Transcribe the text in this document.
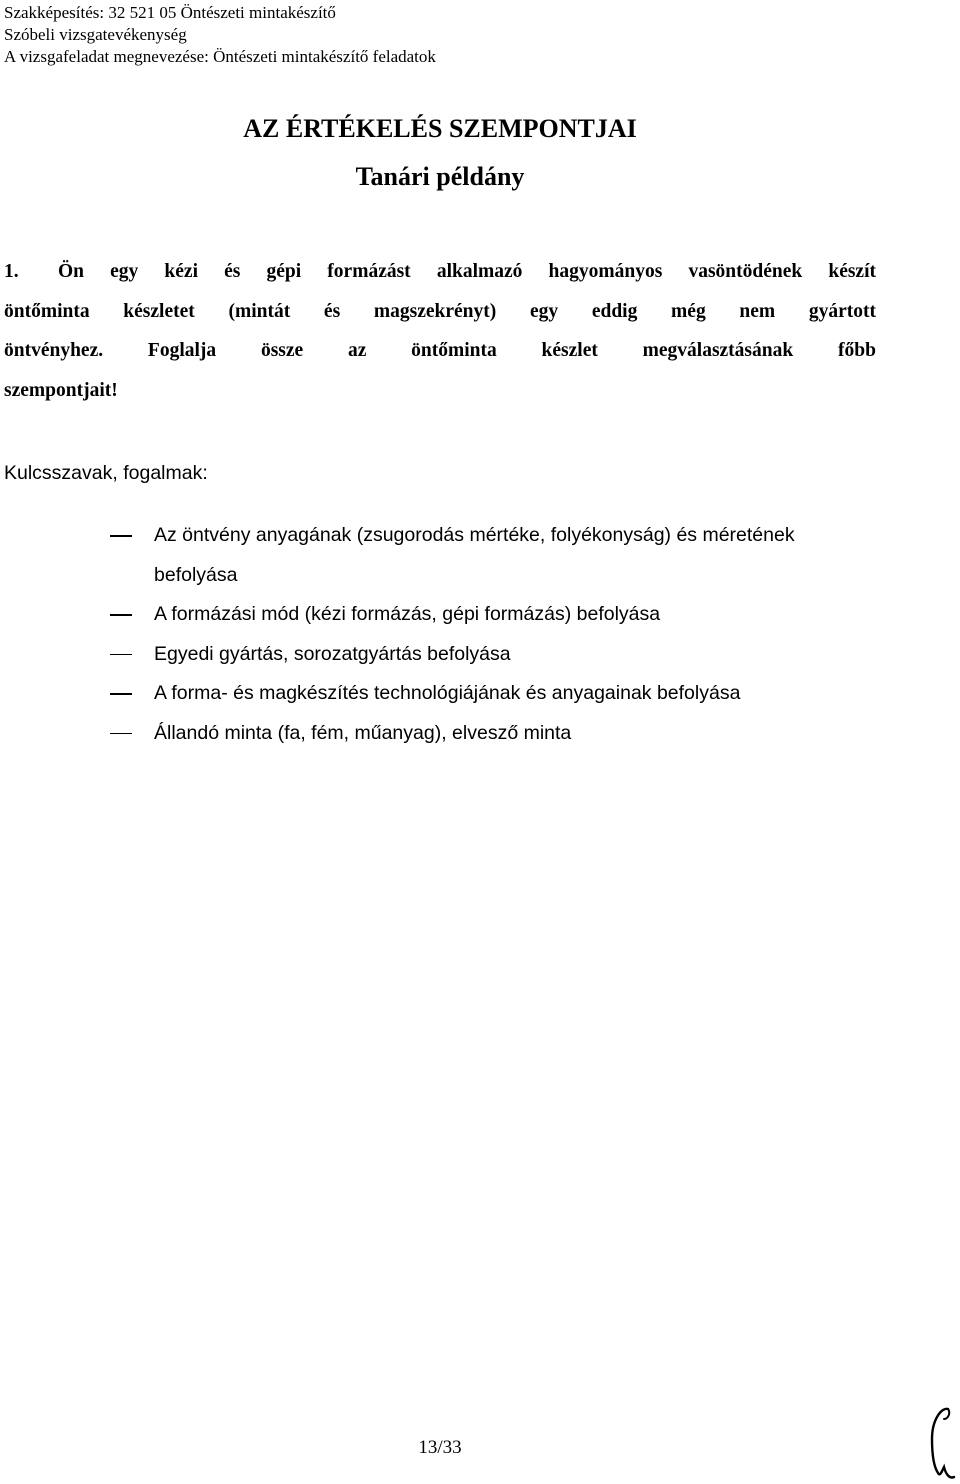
Szakképesítés: 32 521 05 Öntészeti mintakészítő
Szóbeli vizsgatevékenység
A vizsgafeladat megnevezése: Öntészeti mintakészítő feladatok
AZ ÉRTÉKELÉS SZEMPONTJAI
Tanári példány
1. Ön egy kézi és gépi formázást alkalmazó hagyományos vasöntödének készít
öntőminta készletet (mintát és magszekrényt) egy eddig még nem gyártott
öntvényhez. Foglalja össze az öntőminta készlet megválasztásának főbb
szempontjait!
Kulcsszavak, fogalmak:
Az öntvény anyagának (zsugorodás mértéke, folyékonyság) és méretének befolyása
A formázási mód (kézi formázás, gépi formázás) befolyása
Egyedi gyártás, sorozatgyártás befolyása
A forma- és magkészítés technológiájának és anyagainak befolyása
Állandó minta (fa, fém, műanyag), elvesző minta
13/33
